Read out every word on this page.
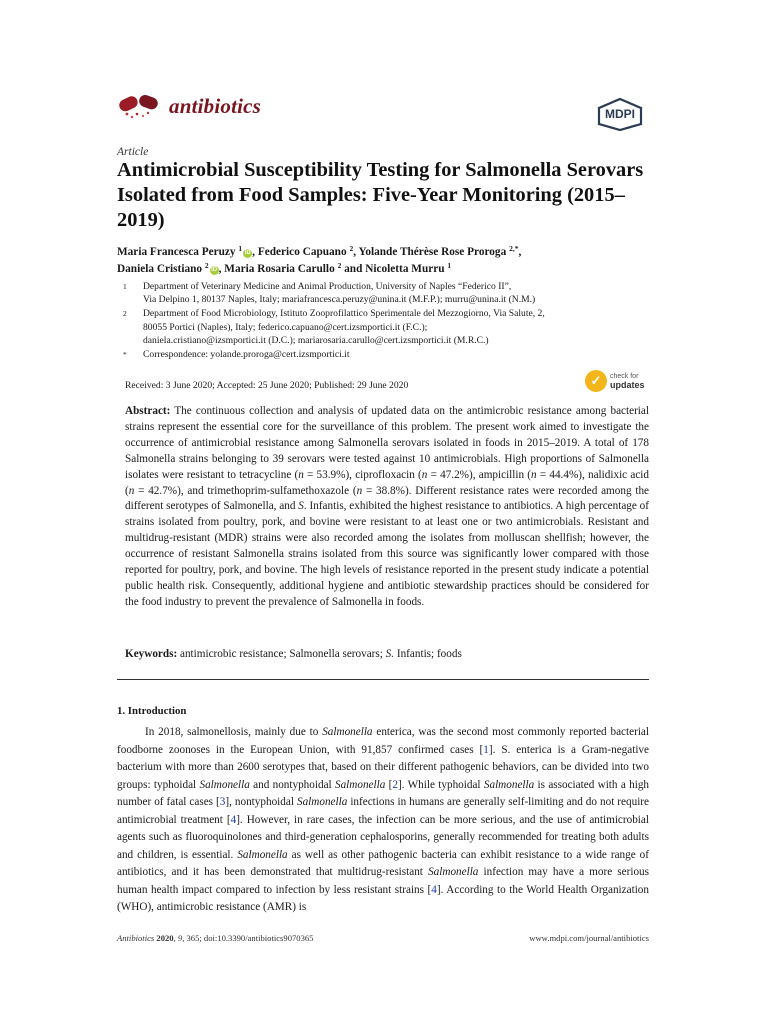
antibiotics	MDPI
Article
Antimicrobial Susceptibility Testing for Salmonella Serovars Isolated from Food Samples: Five-Year Monitoring (2015–2019)
Maria Francesca Peruzy $^1$ iD , Federico Capuano $^2$, Yolande Thérèse Rose Proroga $^{2,*}$,
Daniela Cristiano $^2$ iD , Maria Rosaria Carullo $^2$ and Nicoletta Murru $^1$
1	Department of Veterinary Medicine and Animal Production, University of Naples “Federico II”,
Via Delpino 1, 80137 Naples, Italy; mariafrancesca.peruzy@unina.it (M.F.P.); murru@unina.it (N.M.)
2	Department of Food Microbiology, Istituto Zooprofilattico Sperimentale del Mezzogiorno, Via Salute, 2,
80055 Portici (Naples), Italy; federico.capuano@cert.izsmportici.it (F.C.);
daniela.cristiano@izsmportici.it (D.C.); mariarosaria.carullo@cert.izsmportici.it (M.R.C.)
*	Correspondence: yolande.proroga@cert.izsmportici.it
Received: 3 June 2020; Accepted: 25 June 2020; Published: 29 June 2020	✓	check for
updates
Abstract: The continuous collection and analysis of updated data on the antimicrobic resistance among bacterial strains represent the essential core for the surveillance of this problem. The present work aimed to investigate the occurrence of antimicrobial resistance among Salmonella serovars isolated in foods in 2015–2019. A total of 178 Salmonella strains belonging to 39 serovars were tested against 10 antimicrobials. High proportions of Salmonella isolates were resistant to tetracycline (n = 53.9%), ciprofloxacin (n = 47.2%), ampicillin (n = 44.4%), nalidixic acid (n = 42.7%), and trimethoprim-sulfamethoxazole (n = 38.8%). Different resistance rates were recorded among the different serotypes of Salmonella, and S. Infantis, exhibited the highest resistance to antibiotics. A high percentage of strains isolated from poultry, pork, and bovine were resistant to at least one or two antimicrobials. Resistant and multidrug-resistant (MDR) strains were also recorded among the isolates from molluscan shellfish; however, the occurrence of resistant Salmonella strains isolated from this source was significantly lower compared with those reported for poultry, pork, and bovine. The high levels of resistance reported in the present study indicate a potential public health risk. Consequently, additional hygiene and antibiotic stewardship practices should be considered for the food industry to prevent the prevalence of Salmonella in foods.
Keywords: antimicrobic resistance; Salmonella serovars; S. Infantis; foods
1. Introduction
In 2018, salmonellosis, mainly due to Salmonella enterica, was the second most commonly reported bacterial foodborne zoonoses in the European Union, with 91,857 confirmed cases [1]. S. enterica is a Gram-negative bacterium with more than 2600 serotypes that, based on their different pathogenic behaviors, can be divided into two groups: typhoidal Salmonella and nontyphoidal Salmonella [2]. While typhoidal Salmonella is associated with a high number of fatal cases [3], nontyphoidal Salmonella infections in humans are generally self-limiting and do not require antimicrobial treatment [4]. However, in rare cases, the infection can be more serious, and the use of antimicrobial agents such as fluoroquinolones and third-generation cephalosporins, generally recommended for treating both adults and children, is essential. Salmonella as well as other pathogenic bacteria can exhibit resistance to a wide range of antibiotics, and it has been demonstrated that multidrug-resistant Salmonella infection may have a more serious human health impact compared to infection by less resistant strains [4]. According to the World Health Organization (WHO), antimicrobic resistance (AMR) is
Antibiotics 2020, 9, 365; doi:10.3390/antibiotics9070365	www.mdpi.com/journal/antibiotics
